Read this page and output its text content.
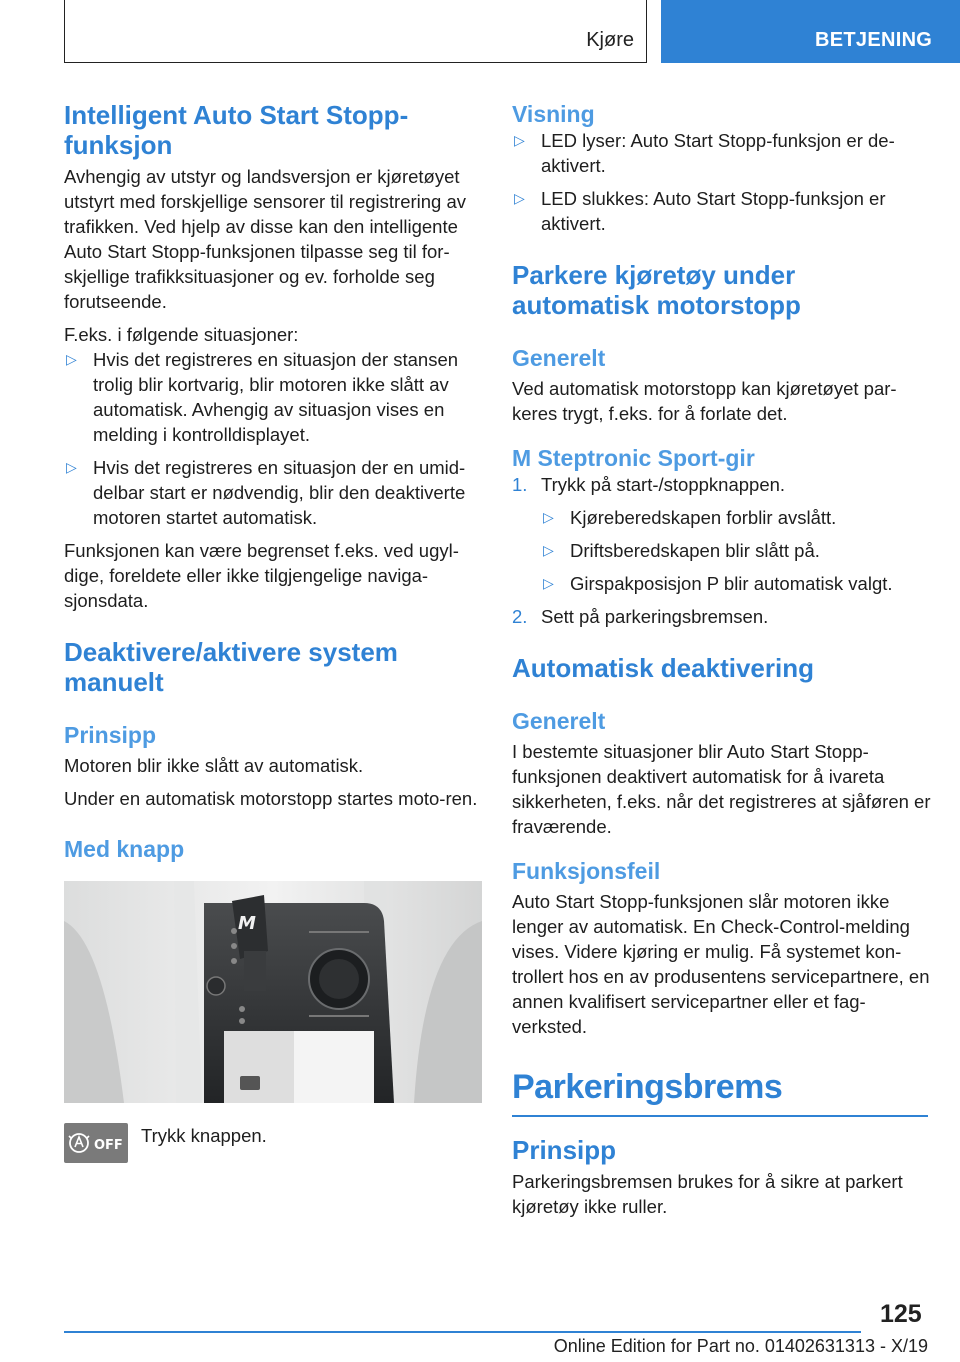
Kjøre	BETJENING
Intelligent Auto Start Stopp-funksjon

Avhengig av utstyr og landsversjon er kjøretøyet utstyrt med forskjellige sensorer til registrering av trafikken. Ved hjelp av disse kan den intelligente Auto Start Stopp-funksjonen tilpasse seg til for-skjellige trafikksituasjoner og ev. forholde seg forutseende.

F.eks. i følgende situasjoner:

▷ Hvis det registreres en situasjon der stansen trolig blir kortvarig, blir motoren ikke slått av automatisk. Avhengig av situasjon vises en melding i kontrolldisplayet.
▷ Hvis det registreres en situasjon der en umid-delbar start er nødvendig, blir den deaktiverte motoren startet automatisk.

Funksjonen kan være begrenset f.eks. ved ugyl-dige, foreldete eller ikke tilgjengelige naviga-sjonsdata.

Deaktivere/aktivere system manuelt
Prinsipp

Motoren blir ikke slått av automatisk.

Under en automatisk motorstopp startes moto-ren.

Med knapp
M
OFF Trykk knappen.

Visning
▷ LED lyser: Auto Start Stopp-funksjon er de-aktivert.
▷ LED slukkes: Auto Start Stopp-funksjon er aktivert.
Parkere kjøretøy under automatisk motorstopp
Generelt

Ved automatisk motorstopp kan kjøretøyet par-keres trygt, f.eks. for å forlate det.

M Steptronic Sport-gir
1. Trykk på start-/stoppknappen.
▷ Kjøreberedskapen forblir avslått.
▷ Driftsberedskapen blir slått på.
▷ Girspakposisjon P blir automatisk valgt.
2. Sett på parkeringsbremsen.
Automatisk deaktivering
Generelt

I bestemte situasjoner blir Auto Start Stopp-funksjonen deaktivert automatisk for å ivareta sikkerheten, f.eks. når det registreres at sjåføren er fraværende.

Funksjonsfeil

Auto Start Stopp-funksjonen slår motoren ikke lenger av automatisk. En Check-Control-melding vises. Videre kjøring er mulig. Få systemet kon-trollert hos en av produsentens servicepartnere, en annen kvalifisert servicepartner eller et fag-verksted.

Parkeringsbrems
Prinsipp

Parkeringsbremsen brukes for å sikre at parkert kjøretøy ikke ruller.

125
Online Edition for Part no. 01402631313 - X/19
